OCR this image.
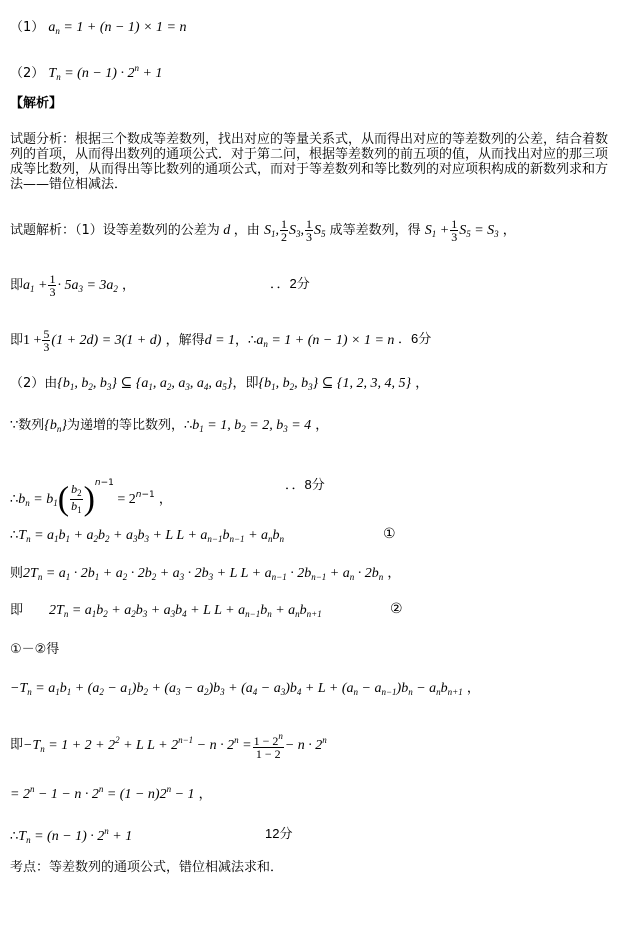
（1） $a_n = 1 + (n - 1) \times 1 = n$
（2） $T_n = (n - 1) \cdot 2^n + 1$
【解析】
试题分析：根据三个数成等差数列，找出对应的等量关系式，从而得出对应的等差数列的公差，结合着数列的首项，从而得出数列的通项公式．对于第二问，根据等差数列的前五项的值，从而找出对应的那三项成等比数列，从而得出等比数列的通项公式，而对于等差数列和等比数列的对应项积构成的新数列求和方法——错位相减法．
试题解析：（1）设等差数列的公差为 d ，由 $S_1$, $\frac{1}{2} S_3$, $\frac{1}{3} S_5$ 成等差数列，得 $S_1 + \frac{1}{3} S_5 = S_3$ ，
即$a_1 + \frac{1}{3} \cdot 5a_3 = 3a_2$ ，	．．2分
即$1 + \frac{5}{3} (1 + 2d) = 3(1 + d)$ ，解得d = 1，$\therefore a_n = 1 + (n - 1) \times 1 = n$ ．6分
（2）由{$b_1$, $b_2$, $b_3$} ⊆ {$a_1$, $a_2$, $a_3$, $a_4$, $a_5$}，即{$b_1$, $b_2$, $b_3$} ⊆ {1, 2, 3, 4, 5} ，
∵数列$\{b_n\}$为递增的等比数列，$\therefore b_1 = 1$, $b_2 = 2$, $b_3 = 4$ ，
$\therefore b_n = b_1( \frac{b_2}{b_1} )^{n-1} = 2^{n-1}$ ，
．．8分
$\therefore T_n = a_1b_1 + a_2b_2 + a_3b_3 + L$ $L + a_{n-1}b_{n-1} + a_nb_n$	①
则$2T_n = a_1 \cdot 2b_1 + a_2 \cdot 2b_2 + a_3 \cdot 2b_3 + L$ $L + a_{n-1} \cdot 2b_{n-1} + a_n \cdot 2b_n$ ，
即 $2T_n = a_1b_2 + a_2b_3 + a_3b_4 + L$ $L + a_{n-1}b_n + a_nb_{n+1}$	②
①－②得
$-T_n = a_1b_1 + (a_2 - a_1)b_2 + (a_3 - a_2)b_3 + (a_4 - a_3)b_4 + L + (a_n - a_{n-1})b_n - a_nb_{n+1}$ ，
即$-T_n = 1 + 2 + 2^2 + L$ $L + 2^{n-1} - n \cdot 2^n = \frac{1 - 2^n}{1 - 2} - n \cdot 2^n$
= $2^n - 1 - n \cdot 2^n = (1 - n)2^n - 1$ ，
$\therefore T_n = (n - 1) \cdot 2^n + 1$	12分
考点：等差数列的通项公式，错位相减法求和．
